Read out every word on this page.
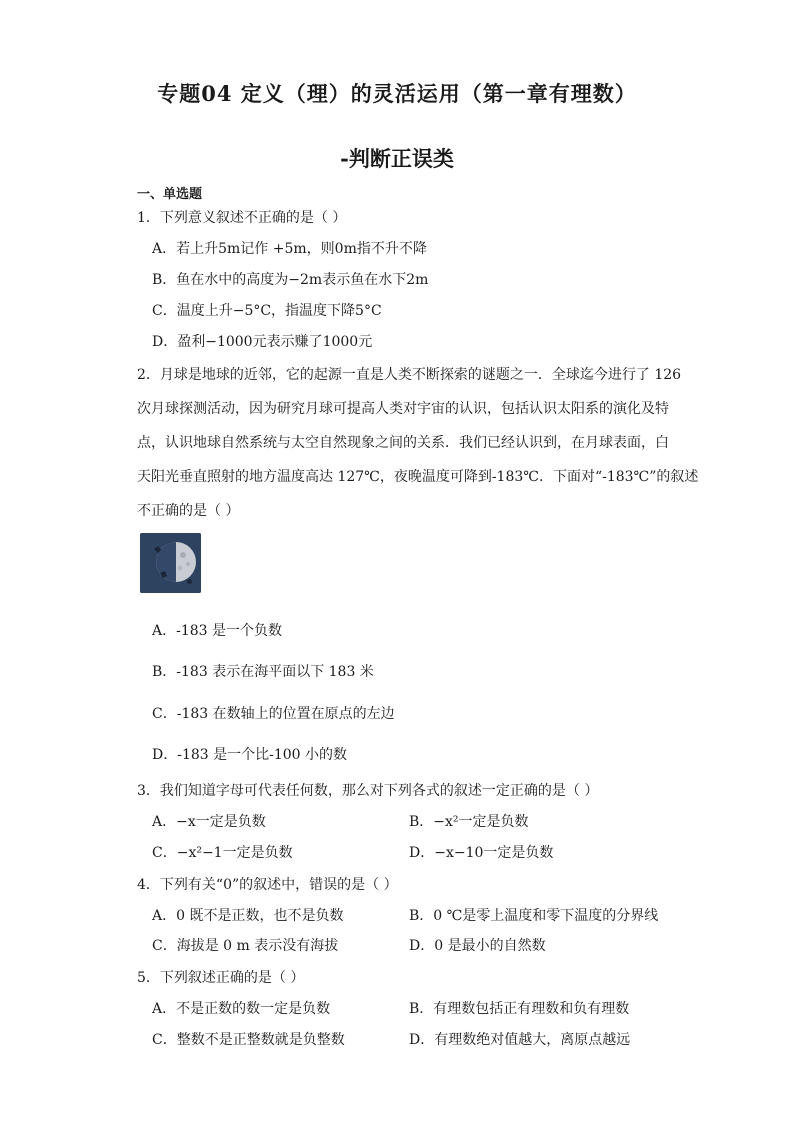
专题04 定义（理）的灵活运用（第一章有理数）
-判断正误类
一、单选题
1．下列意义叙述不正确的是（ ）
A．若上升5m记作 +5m，则0m指不升不降
B．鱼在水中的高度为−2m表示鱼在水下2m
C．温度上升−5°C，指温度下降5°C
D．盈利−1000元表示赚了1000元
2．月球是地球的近邻，它的起源一直是人类不断探索的谜题之一．全球迄今进行了 126
次月球探测活动，因为研究月球可提高人类对宇宙的认识，包括认识太阳系的演化及特
点，认识地球自然系统与太空自然现象之间的关系．我们已经认识到，在月球表面，白
天阳光垂直照射的地方温度高达 127℃，夜晚温度可降到-183℃．下面对“-183℃”的叙述
不正确的是（ ）
A．-183 是一个负数
B．-183 表示在海平面以下 183 米
C．-183 在数轴上的位置在原点的左边
D．-183 是一个比-100 小的数
3．我们知道字母可代表任何数，那么对下列各式的叙述一定正确的是（ ）
A．−x一定是负数	B．−x²一定是负数
C．−x²−1一定是负数	D．−x−10一定是负数
4．下列有关“0”的叙述中，错误的是（ ）
A．0 既不是正数，也不是负数	B．0 ℃是零上温度和零下温度的分界线
C．海拔是 0 m 表示没有海拔	D．0 是最小的自然数
5．下列叙述正确的是（ ）
A．不是正数的数一定是负数	B．有理数包括正有理数和负有理数
C．整数不是正整数就是负整数	D．有理数绝对值越大，离原点越远
